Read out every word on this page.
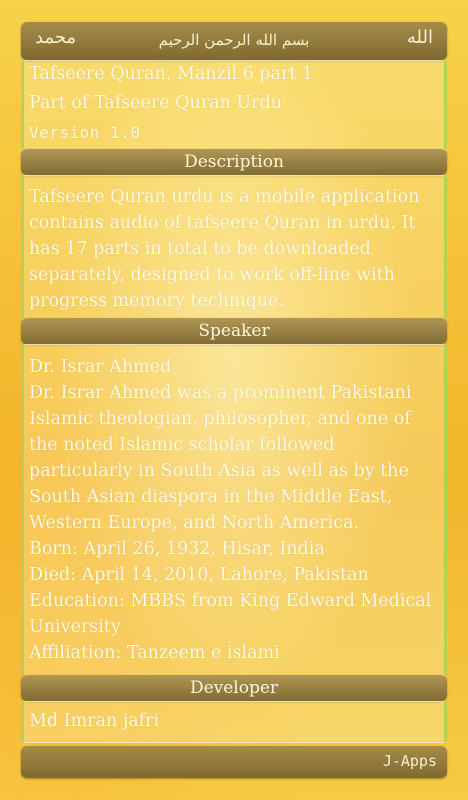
محمد	بسم الله الرحمن الرحيم	الله
Tafseere Quran, Manzil 6 part 1
Part of Tafseere Quran Urdu
Version 1.0
Description
Tafseere Quran urdu is a mobile application
contains audio of tafseere Quran in urdu. It
has 17 parts in total to be downloaded
separately, designed to work off-line with
progress memory technique.
Speaker
Dr. Israr Ahmed
Dr. Israr Ahmed was a prominent Pakistani
Islamic theologian, philosopher, and one of
the noted Islamic scholar followed
particularly in South Asia as well as by the
South Asian diaspora in the Middle East,
Western Europe, and North America.
Born: April 26, 1932, Hisar, India
Died: April 14, 2010, Lahore, Pakistan
Education: MBBS from King Edward Medical
University
Affiliation: Tanzeem e islami
Developer
Md Imran jafri
J-Apps
